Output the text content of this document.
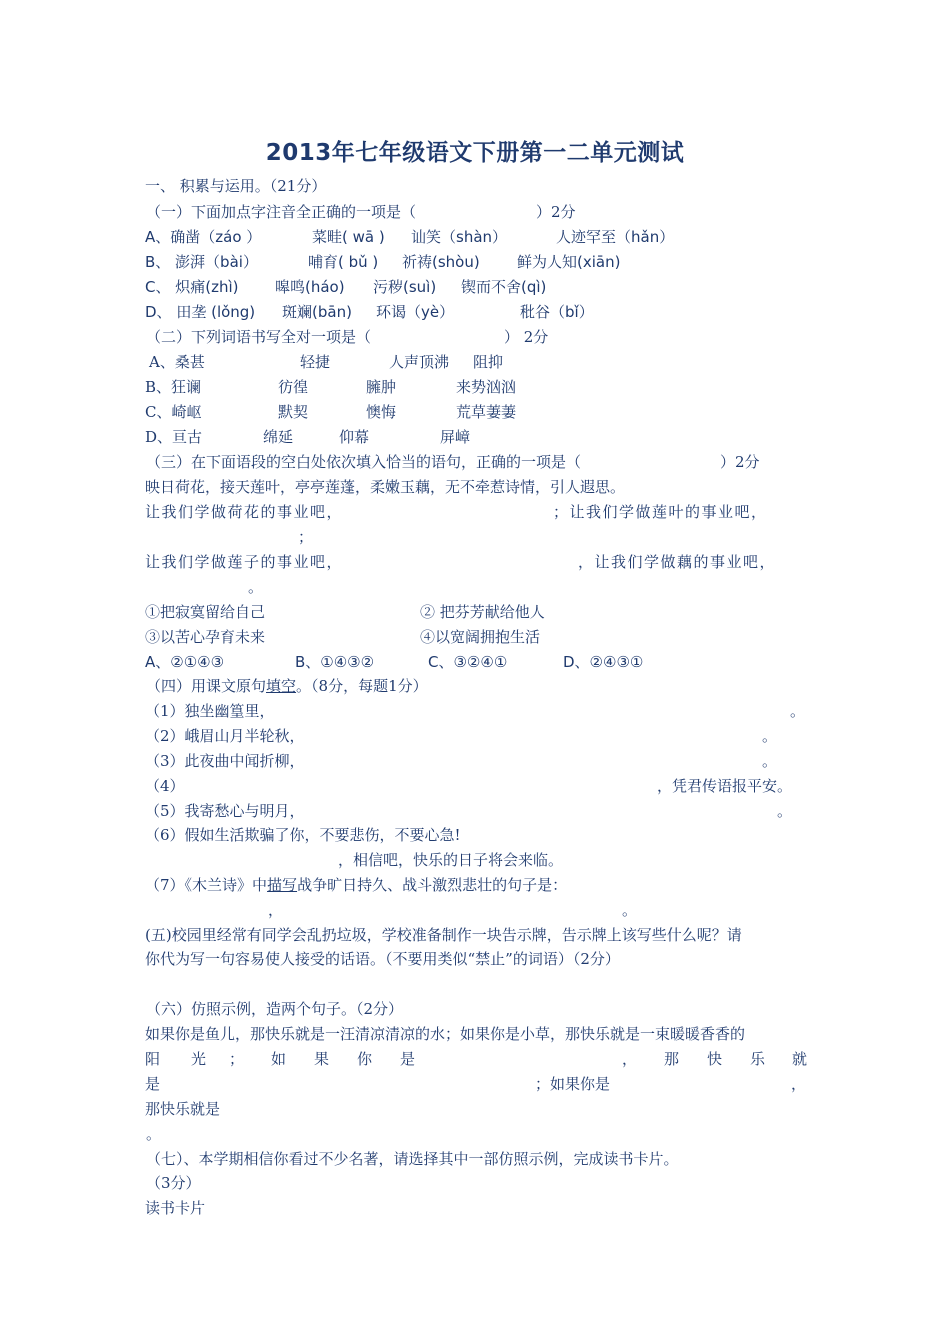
2013年七年级语文下册第一二单元测试
一、 积累与运用。（21分）
（一）下面加点字注音全正确的一项是（	）2分
A、确凿（záo ）	菜畦( wā ) 讪笑（shàn）	人迹罕至（hǎn）
B、 澎湃（bài）	哺育( bǔ ) 祈祷(shòu) 鲜为人知(xiān)
C、 炽痛(zhì) 嗥鸣(háo) 污秽(suì) 锲而不舍(qì)
D、 田垄 (lǒng) 斑斓(bān) 环谒（yè）	秕谷（bǐ）
（二）下列词语书写全对一项是（	） 2分
A、桑甚	轻捷	人声顶沸 阻抑
B、狂谰	彷徨	臃肿	来势汹汹
C、崎岖	默契	懊悔	荒草萋萋
D、亘古	绵延	仰幕	屏嶂
（三）在下面语段的空白处依次填入恰当的语句，正确的一项是（	）2分
映日荷花，接天莲叶，亭亭莲蓬，柔嫩玉藕，无不牵惹诗情，引人遐思。
让我们学做荷花的事业吧，	；让我们学做莲叶的事业吧，
；
让我们学做莲子的事业吧，	，让我们学做藕的事业吧，
。
①把寂寞留给自己	② 把芬芳献给他人
③以苦心孕育未来	④以宽阔拥抱生活
A、②①④③	B、①④③②	C、③②④①	D、②④③①
（四）用课文原句填空。（8分，每题1分）
（1）独坐幽篁里，	。
（2）峨眉山月半轮秋，	。
（3）此夜曲中闻折柳，	。
（4）	，凭君传语报平安。
（5）我寄愁心与明月，	。
（6）假如生活欺骗了你，不要悲伤，不要心急!
，相信吧，快乐的日子将会来临。
（7）《木兰诗》中描写战争旷日持久、战斗激烈悲壮的句子是：
，	。
(五)校园里经常有同学会乱扔垃圾，学校准备制作一块告示牌，告示牌上该写些什么呢？请
你代为写一句容易使人接受的话语。（不要用类似“禁止”的词语）（2分）
（六）仿照示例，造两个句子。（2分）
如果你是鱼儿，那快乐就是一汪清凉清凉的水；如果你是小草，那快乐就是一束暖暖香香的
阳 光 ； 如 果 你 是	， 那 快 乐 就
是	；如果你是	，
那快乐就是
。
（七）、本学期相信你看过不少名著，请选择其中一部仿照示例，完成读书卡片。
（3分）
读书卡片
